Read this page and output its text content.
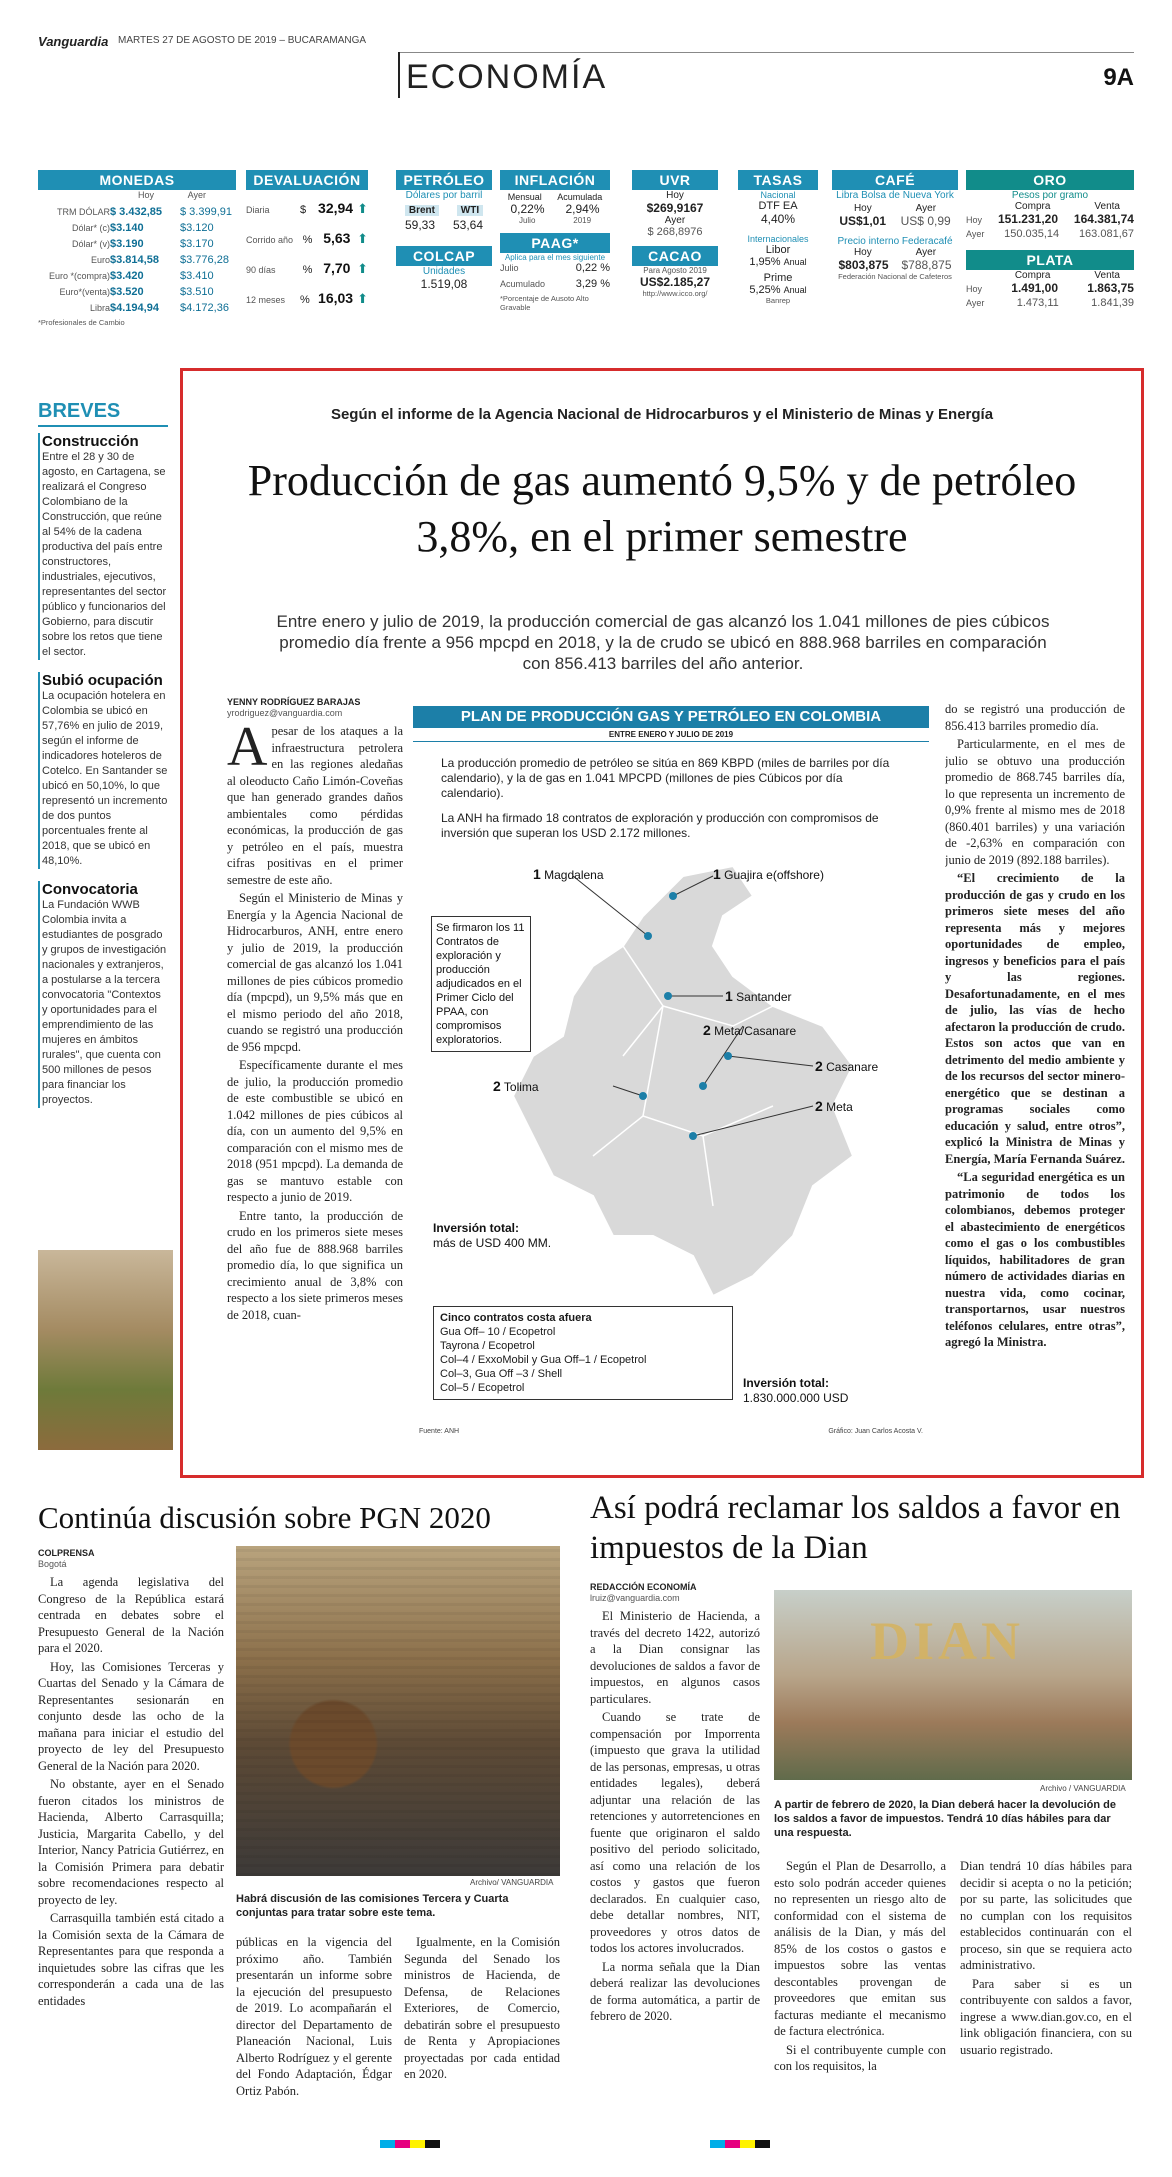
Vanguardia MARTES 27 DE AGOSTO DE 2019 – BUCARAMANGA
ECONOMÍA	9A
MONEDAS
Hoy	Ayer
TRM DÓLAR $ 3.432,85	$ 3.399,91
Dólar* (c) $3.140	$3.120
Dólar* (v) $3.190	$3.170
Euro $3.814,58	$3.776,28
Euro *(compra) $3.420	$3.410
Euro*(venta) $3.520	$3.510
Libra $4.194,94	$4.172,36
*Profesionales de Cambio
DEVALUACIÓN
Diaria	$ 32,94 ⬆
Corrido año % 5,63 ⬆
90 días	% 7,70 ⬆
12 meses	% 16,03 ⬆
PETRÓLEO
Dólares por barril
Brent	WTI
59,33 53,64
COLCAP
Unidades
1.519,08
INFLACIÓN
Mensual Acumulada
0,22% 2,94%
Julio	2019
PAAG*
Aplica para el mes siguiente
Julio	0,22 %
Acumulado	3,29 %
*Porcentaje de Ausoto Alto Gravable
UVR
Hoy
$269,9167
Ayer
$ 268,8976
CACAO
Para Agosto 2019
US$2.185,27
http://www.icco.org/
TASAS
Nacional
DTF EA
4,40%
Internacionales
Libor
1,95% Anual
Prime
5,25% Anual
Banrep
CAFÉ
Libra Bolsa de Nueva York
Hoy	Ayer
US$1,01 US$ 0,99
Precio interno Federacafé
Hoy	Ayer
$803,875 $788,875
Federación Nacional de Cafeteros
ORO
Pesos por gramo
Compra	Venta
Hoy 151.231,20 164.381,74
Ayer 150.035,14 163.081,67
PLATA
Compra	Venta
Hoy 1.491,00 1.863,75
Ayer	1.473,11	1.841,39
BREVES
Construcción

Entre el 28 y 30 de agosto, en Cartagena, se realizará el Congreso Colombiano de la Construcción, que reúne al 54% de la cadena productiva del país entre constructores, industriales, ejecutivos, representantes del sector público y funcionarios del Gobierno, para discutir sobre los retos que tiene el sector.

Subió ocupación

La ocupación hotelera en Colombia se ubicó en 57,76% en julio de 2019, según el informe de indicadores hoteleros de Cotelco. En Santander se ubicó en 50,10%, lo que representó un incremento de dos puntos porcentuales frente al 2018, que se ubicó en 48,10%.

Convocatoria

La Fundación WWB Colombia invita a estudiantes de posgrado y grupos de investigación nacionales y extranjeros, a postularse a la tercera convocatoria "Contextos y oportunidades para el emprendimiento de las mujeres en ámbitos rurales", que cuenta con 500 millones de pesos para financiar los proyectos.

Según el informe de la Agencia Nacional de Hidrocarburos y el Ministerio de Minas y Energía
Producción de gas aumentó 9,5% y de petróleo 3,8%, en el primer semestre
Entre enero y julio de 2019, la producción comercial de gas alcanzó los 1.041 millones de pies cúbicos promedio día frente a 956 mpcpd en 2018, y la de crudo se ubicó en 888.968 barriles en comparación con 856.413 barriles del año anterior.
YENNY RODRÍGUEZ BARAJAS
yrodriguez@vanguardia.com
A pesar de los ataques a la infraestructura petrolera en las regiones aledañas al oleoducto Caño Limón-Coveñas que han generado grandes daños ambientales como pérdidas económicas, la producción de gas y petróleo en el país, muestra cifras positivas en el primer semestre de este año.

Según el Ministerio de Minas y Energía y la Agencia Nacional de Hidrocarburos, ANH, entre enero y julio de 2019, la producción comercial de gas alcanzó los 1.041 millones de pies cúbicos promedio día (mpcpd), un 9,5% más que en el mismo periodo del año 2018, cuando se registró una producción de 956 mpcpd.

Específicamente durante el mes de julio, la producción promedio de este combustible se ubicó en 1.042 millones de pies cúbicos al día, con un aumento del 9,5% en comparación con el mismo mes de 2018 (951 mpcpd). La demanda de gas se mantuvo estable con respecto a junio de 2019.

Entre tanto, la producción de crudo en los primeros siete meses del año fue de 888.968 barriles promedio día, lo que significa un crecimiento anual de 3,8% con respecto a los siete primeros meses de 2018, cuan-

PLAN DE PRODUCCIÓN GAS Y PETRÓLEO EN COLOMBIA
ENTRE ENERO Y JULIO DE 2019
La producción promedio de petróleo se sitúa en 869 KBPD (miles de barriles por día calendario), y la de gas en 1.041 MPCPD (millones de pies Cúbicos por día calendario).
La ANH ha firmado 18 contratos de exploración y producción con compromisos de inversión que superan los USD 2.172 millones.
1 Magdalena	1 Guajira e(offshore)
1 Santander
2 Meta/Casanare
2 Casanare
2 Tolima
2 Meta
Se firmaron los 11 Contratos de exploración y producción adjudicados en el Primer Ciclo del PPAA, con compromisos exploratorios.
Inversión total:
más de USD 400 MM.
Cinco contratos costa afuera
Gua Off– 10 / Ecopetrol
Tayrona / Ecopetrol
Col–4 / ExxoMobil y Gua Off–1 / Ecopetrol
Col–3, Gua Off –3 / Shell
Col–5 / Ecopetrol	Inversión total:
1.830.000.000 USD
Fuente: ANH	Gráfico: Juan Carlos Acosta V.

do se registró una producción de 856.413 barriles promedio día.

Particularmente, en el mes de julio se obtuvo una producción promedio de 868.745 barriles día, lo que representa un incremento de 0,9% frente al mismo mes de 2018 (860.401 barriles) y una variación de -2,63% en comparación con junio de 2019 (892.188 barriles).

“El crecimiento de la producción de gas y crudo en los primeros siete meses del año representa más y mejores oportunidades de empleo, ingresos y beneficios para el país y las regiones. Desafortunadamente, en el mes de julio, las vías de hecho afectaron la producción de crudo. Estos son actos que van en detrimento del medio ambiente y de los recursos del sector minero-energético que se destinan a programas sociales como educación y salud, entre otros”, explicó la Ministra de Minas y Energía, María Fernanda Suárez.

“La seguridad energética es un patrimonio de todos los colombianos, debemos proteger el abastecimiento de energéticos como el gas o los combustibles líquidos, habilitadores de gran número de actividades diarias en nuestra vida, como cocinar, transportarnos, usar nuestros teléfonos celulares, entre otras”, agregó la Ministra.

Continúa discusión sobre PGN 2020
COLPRENSA
Bogotá

La agenda legislativa del Congreso de la República estará centrada en debates sobre el Presupuesto General de la Nación para el 2020.

Hoy, las Comisiones Terceras y Cuartas del Senado y la Cámara de Representantes sesionarán en conjunto desde las ocho de la mañana para iniciar el estudio del proyecto de ley del Presupuesto General de la Nación para 2020.

No obstante, ayer en el Senado fueron citados los ministros de Hacienda, Alberto Carrasquilla; Justicia, Margarita Cabello, y del Interior, Nancy Patricia Gutiérrez, en la Comisión Primera para debatir sobre recomendaciones respecto al proyecto de ley.

Carrasquilla también está citado a la Comisión sexta de la Cámara de Representantes para que responda a inquietudes sobre las cifras que les corresponderán a cada una de las entidades

Archivo/ VANGUARDIA
Habrá discusión de las comisiones Tercera y Cuarta conjuntas para tratar sobre este tema.

públicas en la vigencia del próximo año. También presentarán un informe sobre la ejecución del presupuesto de 2019. Lo acompañarán el director del Departamento de Planeación Nacional, Luis Alberto Rodríguez y el gerente del Fondo Adaptación, Édgar Ortiz Pabón.

Igualmente, en la Comisión Segunda del Senado los ministros de Hacienda, de Defensa, de Relaciones Exteriores, de Comercio, debatirán sobre el presupuesto de Renta y Apropiaciones proyectadas por cada entidad en 2020.

Así podrá reclamar los saldos a favor en impuestos de la Dian
REDACCIÓN ECONOMÍA
lruiz@vanguardia.com

El Ministerio de Hacienda, a través del decreto 1422, autorizó a la Dian consignar las devoluciones de saldos a favor de impuestos, en algunos casos particulares.

Cuando se trate de compensación por Imporrenta (impuesto que grava la utilidad de las personas, empresas, u otras entidades legales), deberá adjuntar una relación de las retenciones y autorretenciones en fuente que originaron el saldo positivo del periodo solicitado, así como una relación de los costos y gastos que fueron declarados. En cualquier caso, debe detallar nombres, NIT, proveedores y otros datos de todos los actores involucrados.

La norma señala que la Dian deberá realizar las devoluciones de forma automática, a partir de febrero de 2020.

DIAN
Archivo / VANGUARDIA
A partir de febrero de 2020, la Dian deberá hacer la devolución de los saldos a favor de impuestos. Tendrá 10 días hábiles para dar una respuesta.

Según el Plan de Desarrollo, a esto solo podrán acceder quienes no representen un riesgo alto de conformidad con el sistema de análisis de la Dian, y más del 85% de los costos o gastos e impuestos sobre las ventas descontables provengan de proveedores que emitan sus facturas mediante el mecanismo de factura electrónica.

Si el contribuyente cumple con con los requisitos, la

Dian tendrá 10 días hábiles para decidir si acepta o no la petición; por su parte, las solicitudes que no cumplan con los requisitos establecidos continuarán con el proceso, sin que se requiera acto administrativo.

Para saber si es un contribuyente con saldos a favor, ingrese a www.dian.gov.co, en el link obligación financiera, con su usuario registrado.
